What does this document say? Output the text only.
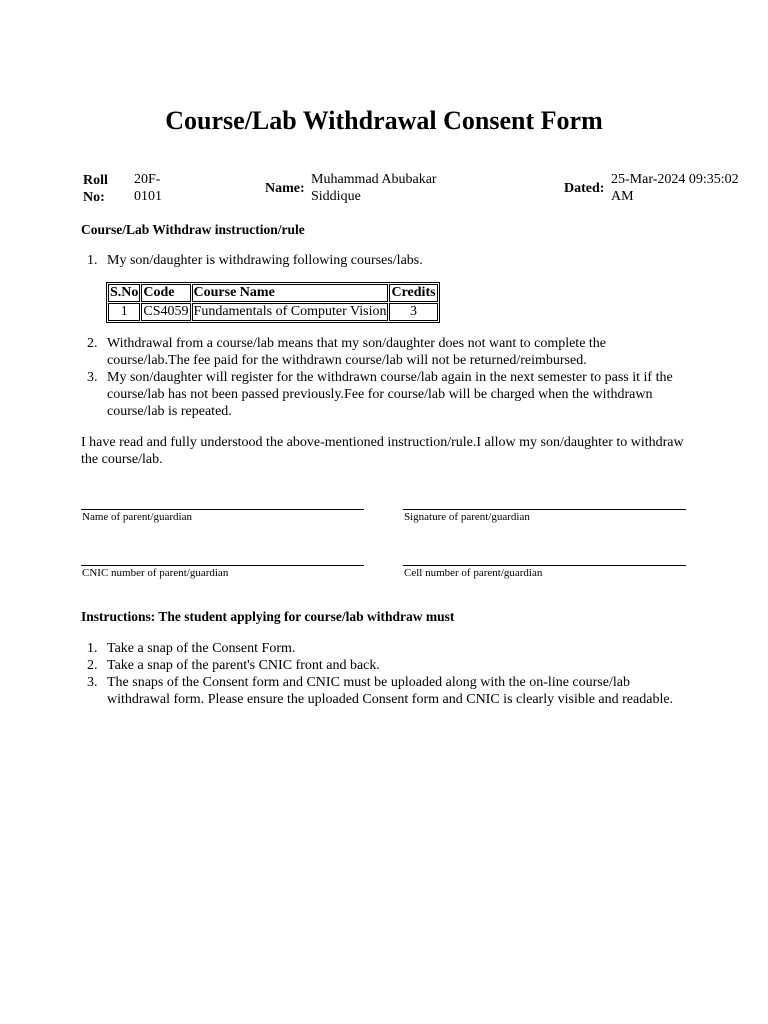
Course/Lab Withdrawal Consent Form
Roll No:
20F-
0101
Name:
Muhammad Abubakar
Siddique
Dated:
25-Mar-2024 09:35:02
AM
Course/Lab Withdraw instruction/rule
1. My son/daughter is withdrawing following courses/labs.
S.No	Code	Course Name	Credits
1	CS4059	Fundamentals of Computer Vision	3
2. Withdrawal from a course/lab means that my son/daughter does not want to complete the course/lab.The fee paid for the withdrawn course/lab will not be returned/reimbursed.
3. My son/daughter will register for the withdrawn course/lab again in the next semester to pass it if the course/lab has not been passed previously.Fee for course/lab will be charged when the withdrawn course/lab is repeated.
I have read and fully understood the above-mentioned instruction/rule.I allow my son/daughter to withdraw the course/lab.
Name of parent/guardian	Signature of parent/guardian
CNIC number of parent/guardian	Cell number of parent/guardian
Instructions: The student applying for course/lab withdraw must
1. Take a snap of the Consent Form.
2. Take a snap of the parent's CNIC front and back.
3. The snaps of the Consent form and CNIC must be uploaded along with the on-line course/lab withdrawal form. Please ensure the uploaded Consent form and CNIC is clearly visible and readable.
